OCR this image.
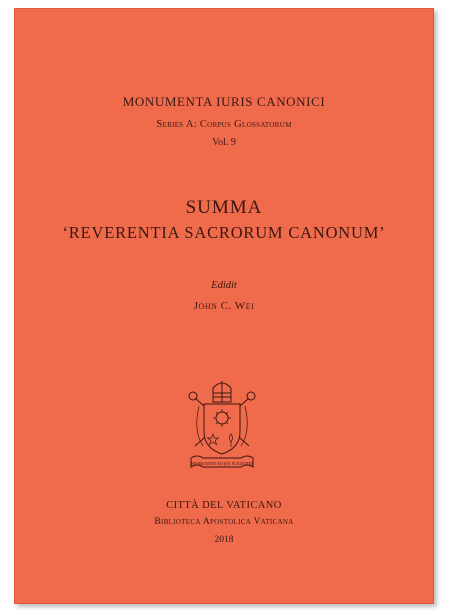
MONUMENTA IURIS CANONICI
Series A: Corpus Glossatorum
Vol. 9
SUMMA
‘REVERENTIA SACRORUM CANONUM’
Edidit
John C. Wei
MISERANDO ATQUE ELIGENDO
CITTÀ DEL VATICANO
Biblioteca Apostolica Vaticana
2018
